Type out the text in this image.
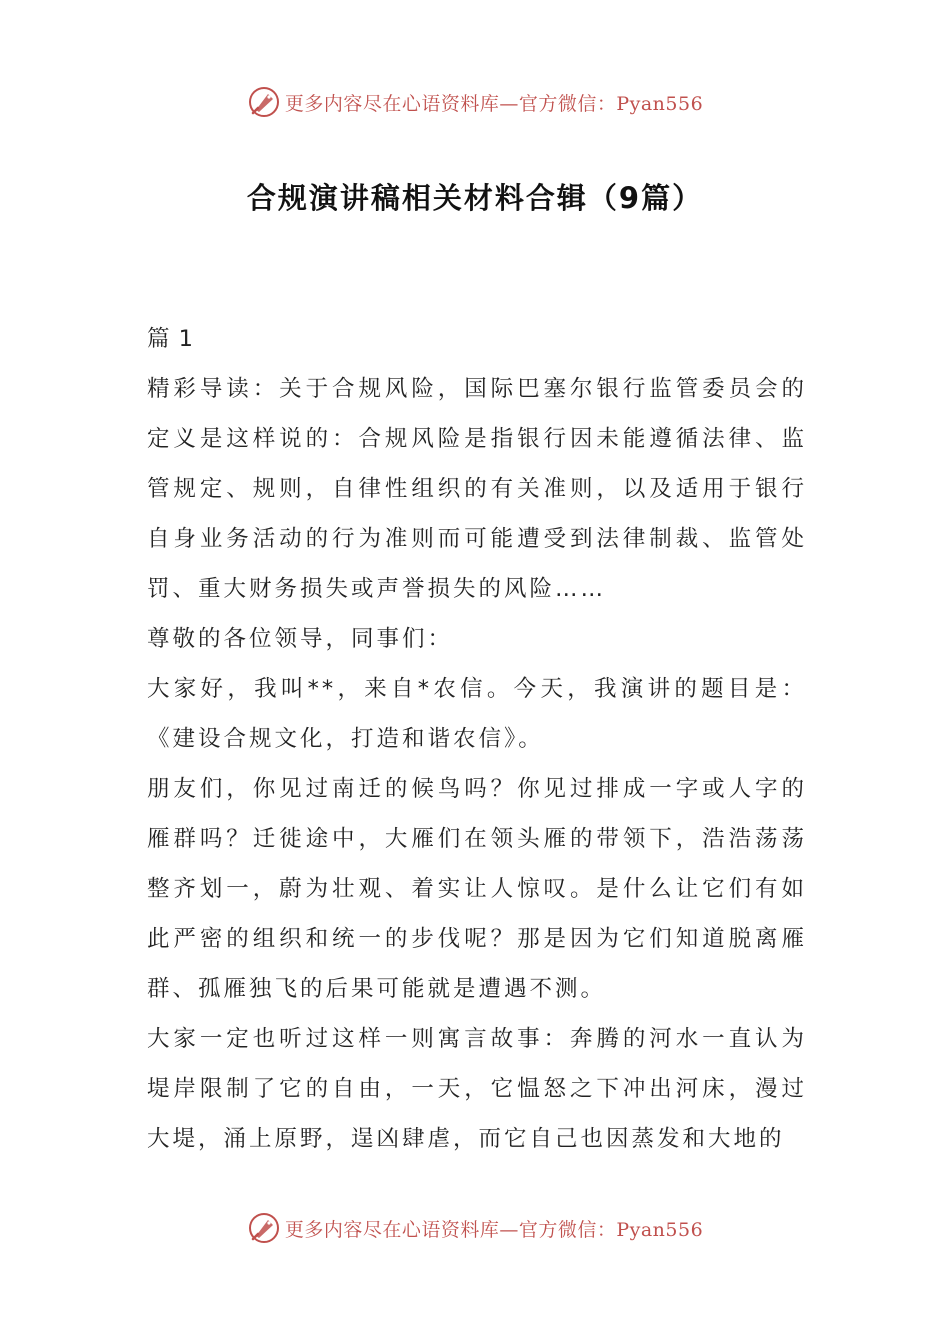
更多内容尽在心语资料库—官方微信：Pyan556
合规演讲稿相关材料合辑（9篇）

篇 1

精彩导读：关于合规风险，国际巴塞尔银行监管委员会的定义是这样说的：合规风险是指银行因未能遵循法律、监管规定、规则，自律性组织的有关准则，以及适用于银行自身业务活动的行为准则而可能遭受到法律制裁、监管处罚、重大财务损失或声誉损失的风险……

尊敬的各位领导，同事们：

大家好，我叫**，来自*农信。今天，我演讲的题目是：《建设合规文化，打造和谐农信》。

朋友们，你见过南迁的候鸟吗？你见过排成一字或人字的雁群吗？迁徙途中，大雁们在领头雁的带领下，浩浩荡荡整齐划一，蔚为壮观、着实让人惊叹。是什么让它们有如此严密的组织和统一的步伐呢？那是因为它们知道脱离雁群、孤雁独飞的后果可能就是遭遇不测。

大家一定也听过这样一则寓言故事：奔腾的河水一直认为堤岸限制了它的自由，一天，它愠怒之下冲出河床，漫过大堤，涌上原野，逞凶肆虐，而它自己也因蒸发和大地的

更多内容尽在心语资料库—官方微信：Pyan556
